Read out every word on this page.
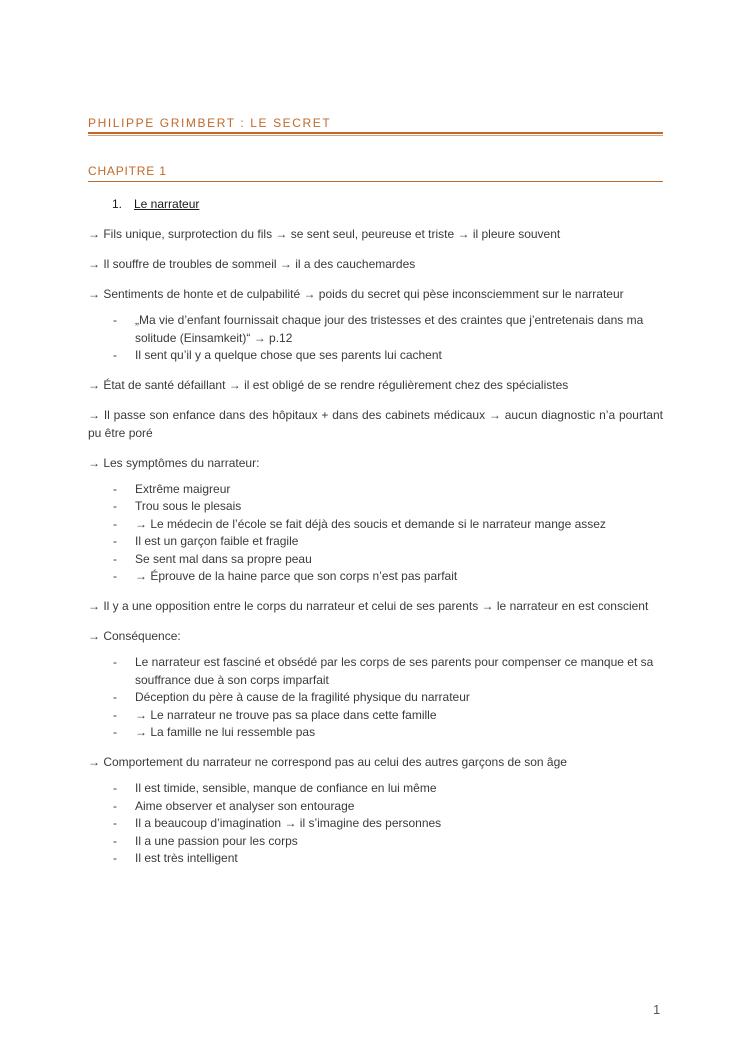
PHILIPPE GRIMBERT : LE SECRET
CHAPITRE 1
1. Le narrateur

→ Fils unique, surprotection du fils → se sent seul, peureuse et triste → il pleure souvent

→ Il souffre de troubles de sommeil → il a des cauchemardes

→ Sentiments de honte et de culpabilité → poids du secret qui pèse inconsciemment sur le narrateur

- „Ma vie d’enfant fournissait chaque jour des tristesses et des craintes que j’entretenais dans ma solitude (Einsamkeit)“ → p.12
- Il sent qu’il y a quelque chose que ses parents lui cachent

→ État de santé défaillant → il est obligé de se rendre régulièrement chez des spécialistes

→ Il passe son enfance dans des hôpitaux + dans des cabinets médicaux → aucun diagnostic n’a pourtant pu être poré

→ Les symptômes du narrateur:

- Extrême maigreur
- Trou sous le plesais
- → Le médecin de l’école se fait déjà des soucis et demande si le narrateur mange assez
- Il est un garçon faible et fragile
- Se sent mal dans sa propre peau
- → Éprouve de la haine parce que son corps n’est pas parfait

→ Il y a une opposition entre le corps du narrateur et celui de ses parents → le narrateur en est conscient

→ Conséquence:

- Le narrateur est fasciné et obsédé par les corps de ses parents pour compenser ce manque et sa souffrance due à son corps imparfait
- Déception du père à cause de la fragilité physique du narrateur
- → Le narrateur ne trouve pas sa place dans cette famille
- → La famille ne lui ressemble pas

→ Comportement du narrateur ne correspond pas au celui des autres garçons de son âge

- Il est timide, sensible, manque de confiance en lui même
- Aime observer et analyser son entourage
- Il a beaucoup d’imagination → il s’imagine des personnes
- Il a une passion pour les corps
- Il est très intelligent
1
